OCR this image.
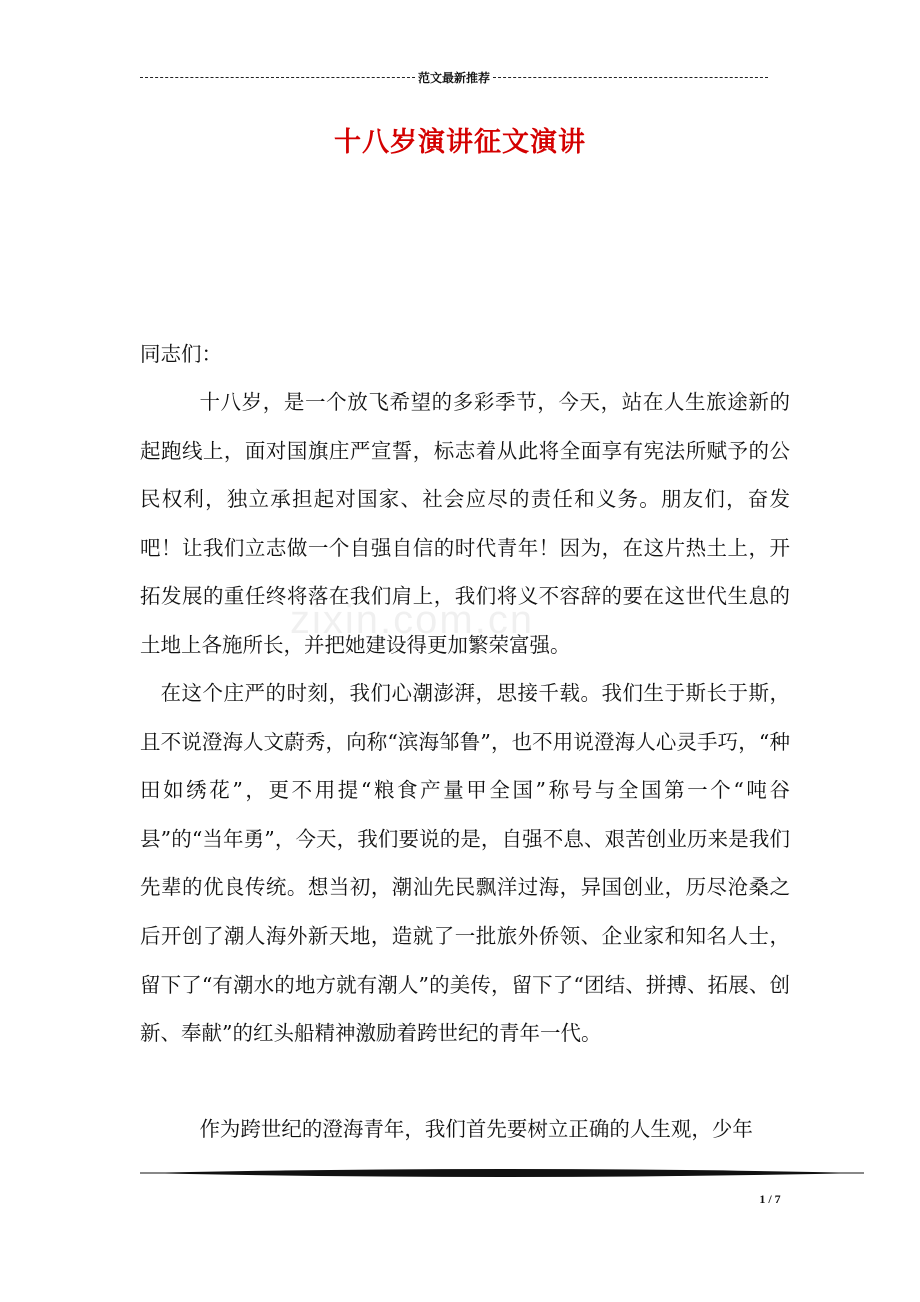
范文最新推荐
十八岁演讲征文演讲
同志们：

十八岁，是一个放飞希望的多彩季节，今天，站在人生旅途新的起跑线上，面对国旗庄严宣誓，标志着从此将全面享有宪法所赋予的公民权利，独立承担起对国家、社会应尽的责任和义务。朋友们，奋发吧！让我们立志做一个自强自信的时代青年！因为，在这片热土上，开拓发展的重任终将落在我们肩上，我们将义不容辞的要在这世代生息的土地上各施所长，并把她建设得更加繁荣富强。

在这个庄严的时刻，我们心潮澎湃，思接千载。我们生于斯长于斯，且不说澄海人文蔚秀，向称“滨海邹鲁”，也不用说澄海人心灵手巧，“种田如绣花”，更不用提“粮食产量甲全国”称号与全国第一个“吨谷县”的“当年勇”，今天，我们要说的是，自强不息、艰苦创业历来是我们先辈的优良传统。想当初，潮汕先民飘洋过海，异国创业，历尽沧桑之后开创了潮人海外新天地，造就了一批旅外侨领、企业家和知名人士，留下了“有潮水的地方就有潮人”的美传，留下了“团结、拼搏、拓展、创新、奉献”的红头船精神激励着跨世纪的青年一代。

作为跨世纪的澄海青年，我们首先要树立正确的人生观，少年

zixin.com.cn
1 / 7
